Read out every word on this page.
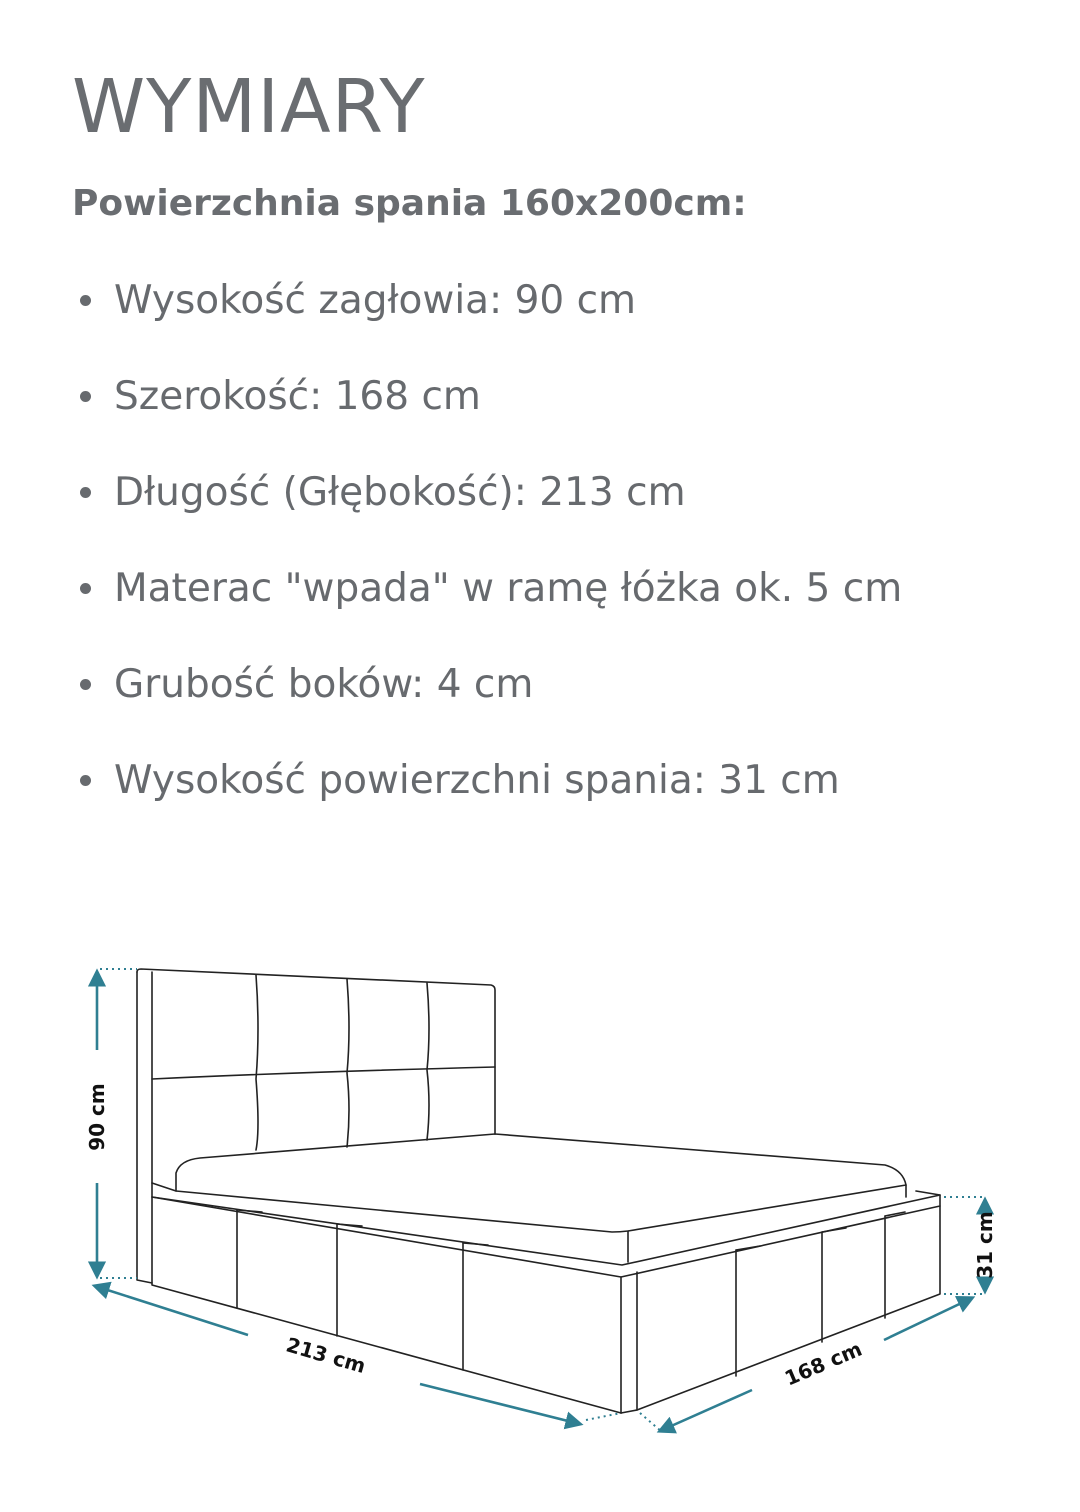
WYMIARY
Powierzchnia spania 160x200cm:
Wysokość zagłowia: 90 cm
Szerokość: 168 cm
Długość (Głębokość): 213 cm
Materac "wpada" w ramę łóżka ok. 5 cm
Grubość boków: 4 cm
Wysokość powierzchni spania: 31 cm
90 cm
31 cm
213 cm	168 cm
